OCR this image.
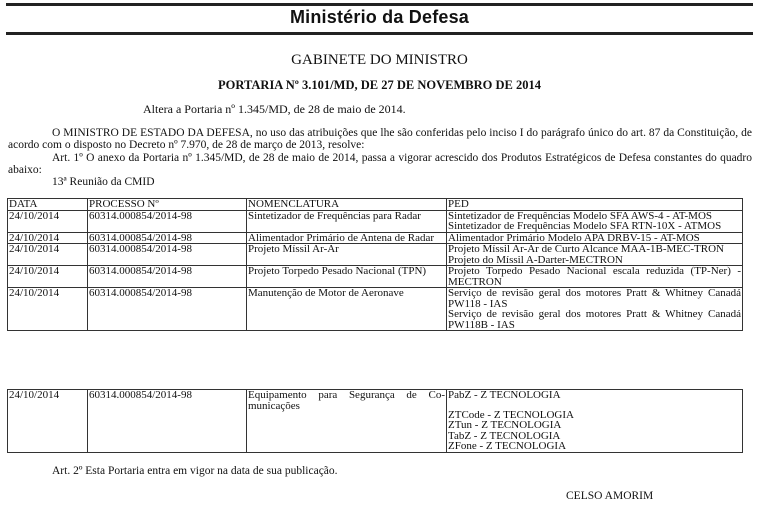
Ministério da Defesa
GABINETE DO MINISTRO
PORTARIA Nº 3.101/MD, DE 27 DE NOVEMBRO DE 2014
Altera a Portaria nº 1.345/MD, de 28 de maio de 2014.
O MINISTRO DE ESTADO DA DEFESA, no uso das atribuições que lhe são conferidas pelo inciso I do parágrafo único do art. 87 da Constituição, de acordo com o disposto no Decreto nº 7.970, de 28 de março de 2013, resolve:
Art. 1º O anexo da Portaria nº 1.345/MD, de 28 de maio de 2014, passa a vigorar acrescido dos Produtos Estratégicos de Defesa constantes do quadro abaixo:
13ª Reunião da CMID
DATA	PROCESSO Nº	NOMENCLATURA	PED
24/10/2014	60314.000854/2014-98	Sintetizador de Frequências para Radar	Sintetizador de Frequências Modelo SFA AWS-4 - AT-MOS
Sintetizador de Frequências Modelo SFA RTN-10X - ATMOS

24/10/2014	60314.000854/2014-98	Alimentador Primário de Antena de Radar	Alimentador Primário Modelo APA DRBV-15 - AT-MOS

24/10/2014	60314.000854/2014-98	Projeto Míssil Ar-Ar	Projeto Míssil Ar-Ar de Curto Alcance MAA-1B-MEC-TRON
Projeto do Míssil A-Darter-MECTRON

24/10/2014	60314.000854/2014-98	Projeto Torpedo Pesado Nacional (TPN)	Projeto Torpedo Pesado Nacional escala reduzida (TP-Ner) - MECTRON

24/10/2014	60314.000854/2014-98	Manutenção de Motor de Aeronave	Serviço de revisão geral dos motores Pratt & Whitney Canadá PW118 - IAS
Serviço de revisão geral dos motores Pratt & Whitney Canadá PW118B - IAS
24/10/2014	60314.000854/2014-98	Equipamento para Segurança de Co-municações	
PabZ - Z TECNOLOGIA
ZTCode - Z TECNOLOGIA
ZTun - Z TECNOLOGIA
TabZ - Z TECNOLOGIA
ZFone - Z TECNOLOGIA
Art. 2º Esta Portaria entra em vigor na data de sua publicação.
CELSO AMORIM
